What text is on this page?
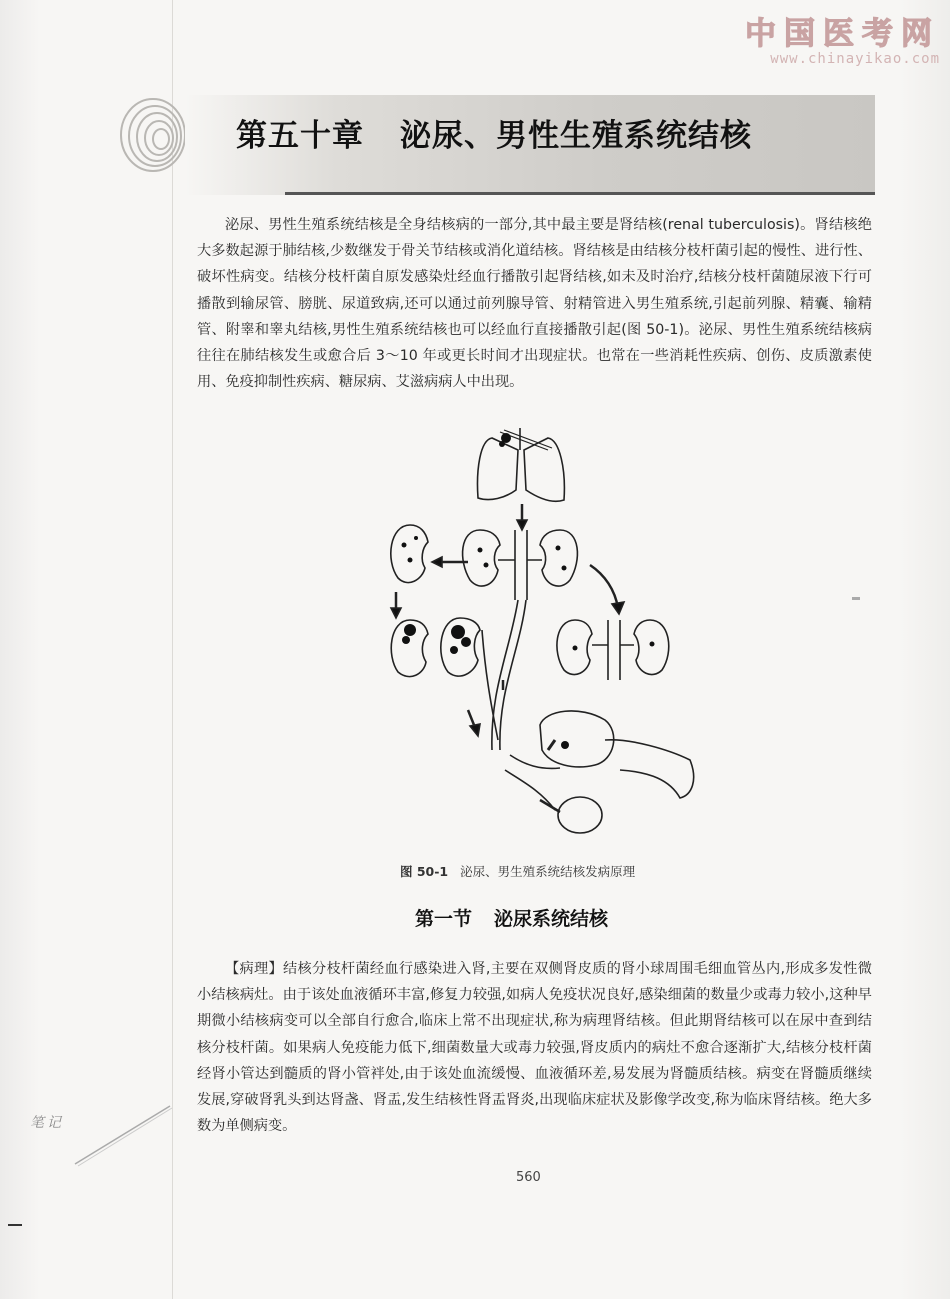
中国医考网
www.chinayikao.com
第五十章 泌尿、男性生殖系统结核

泌尿、男性生殖系统结核是全身结核病的一部分,其中最主要是肾结核(renal tuberculosis)。肾结核绝大多数起源于肺结核,少数继发于骨关节结核或消化道结核。肾结核是由结核分枝杆菌引起的慢性、进行性、破坏性病变。结核分枝杆菌自原发感染灶经血行播散引起肾结核,如未及时治疗,结核分枝杆菌随尿液下行可播散到输尿管、膀胱、尿道致病,还可以通过前列腺导管、射精管进入男生殖系统,引起前列腺、精囊、输精管、附睾和睾丸结核,男性生殖系统结核也可以经血行直接播散引起(图 50-1)。泌尿、男性生殖系统结核病往往在肺结核发生或愈合后 3～10 年或更长时间才出现症状。也常在一些消耗性疾病、创伤、皮质激素使用、免疫抑制性疾病、糖尿病、艾滋病病人中出现。

图 50-1 泌尿、男生殖系统结核发病原理
第一节 泌尿系统结核

【病理】结核分枝杆菌经血行感染进入肾,主要在双侧肾皮质的肾小球周围毛细血管丛内,形成多发性微小结核病灶。由于该处血液循环丰富,修复力较强,如病人免疫状况良好,感染细菌的数量少或毒力较小,这种早期微小结核病变可以全部自行愈合,临床上常不出现症状,称为病理肾结核。但此期肾结核可以在尿中查到结核分枝杆菌。如果病人免疫能力低下,细菌数量大或毒力较强,肾皮质内的病灶不愈合逐渐扩大,结核分枝杆菌经肾小管达到髓质的肾小管袢处,由于该处血流缓慢、血液循环差,易发展为肾髓质结核。病变在肾髓质继续发展,穿破肾乳头到达肾盏、肾盂,发生结核性肾盂肾炎,出现临床症状及影像学改变,称为临床肾结核。绝大多数为单侧病变。

笔记
560
